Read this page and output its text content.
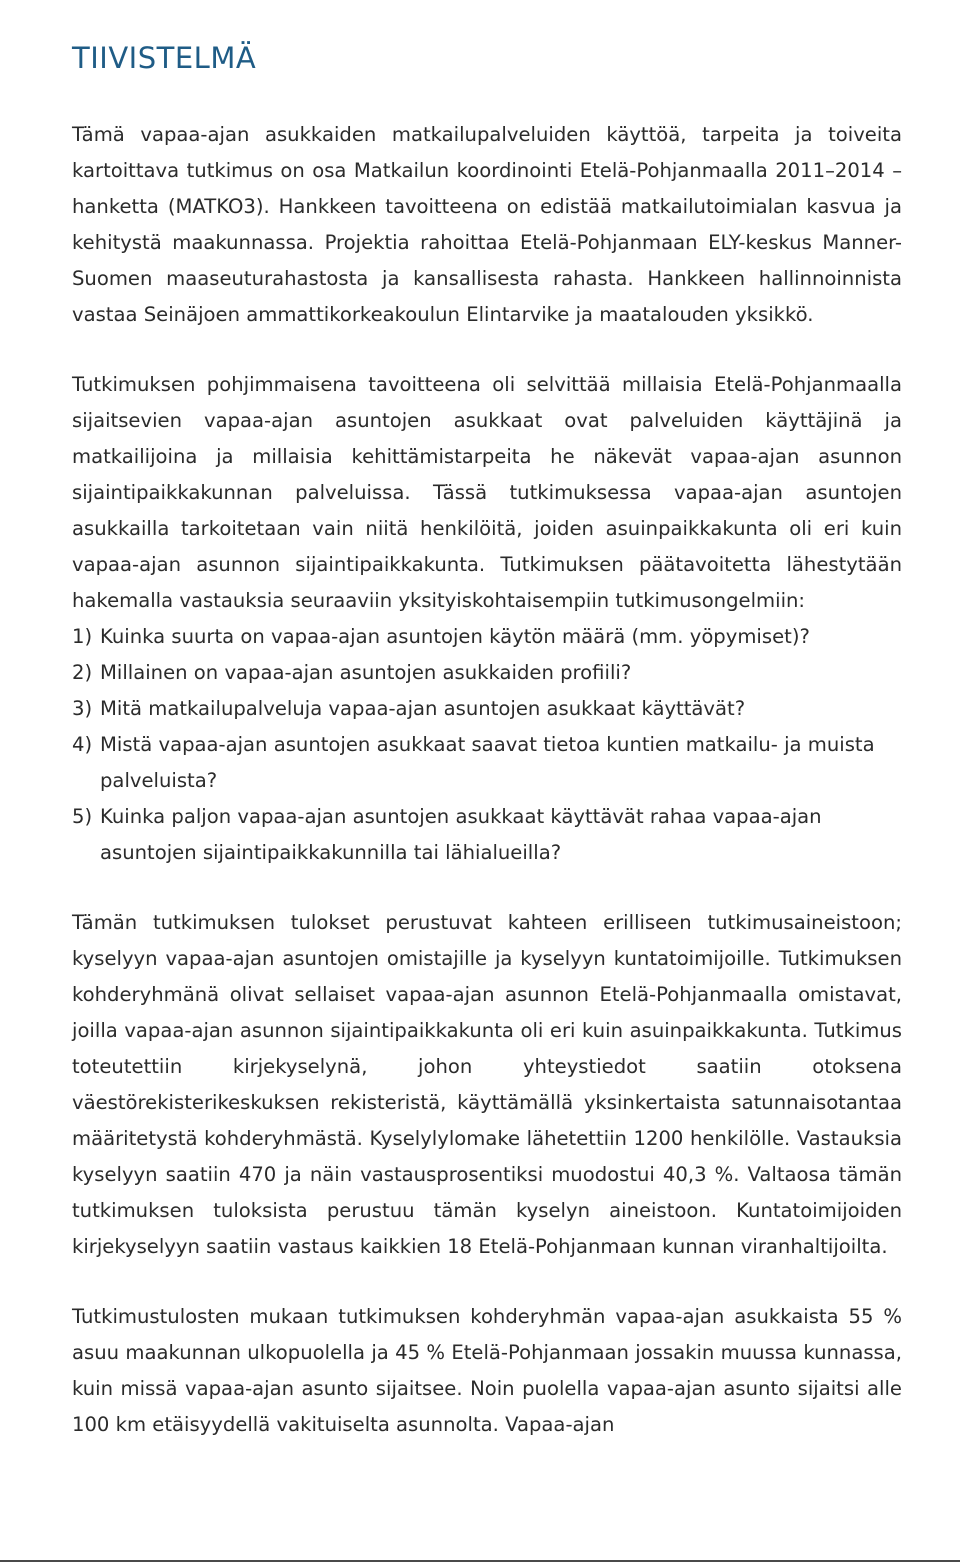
TIIVISTELMÄ

Tämä vapaa-ajan asukkaiden matkailupalveluiden käyttöä, tarpeita ja toiveita kartoittava tutkimus on osa Matkailun koordinointi Etelä-Pohjanmaalla 2011–2014 –hanketta (MATKO3). Hankkeen tavoitteena on edistää matkailutoimialan kasvua ja kehitystä maakunnassa. Projektia rahoittaa Etelä-Pohjanmaan ELY-keskus Manner-Suomen maaseuturahastosta ja kansallisesta rahasta. Hankkeen hallinnoinnista vastaa Seinäjoen ammattikorkeakoulun Elintarvike ja maatalouden yksikkö.

Tutkimuksen pohjimmaisena tavoitteena oli selvittää millaisia Etelä-Pohjanmaalla sijaitsevien vapaa-ajan asuntojen asukkaat ovat palveluiden käyttäjinä ja matkailijoina ja millaisia kehittämistarpeita he näkevät vapaa-ajan asunnon sijaintipaikkakunnan palveluissa. Tässä tutkimuksessa vapaa-ajan asuntojen asukkailla tarkoitetaan vain niitä henkilöitä, joiden asuinpaikkakunta oli eri kuin vapaa-ajan asunnon sijaintipaikkakunta. Tutkimuksen päätavoitetta lähestytään hakemalla vastauksia seuraaviin yksityiskohtaisempiin tutkimusongelmiin:

1) Kuinka suurta on vapaa-ajan asuntojen käytön määrä (mm. yöpymiset)?
2) Millainen on vapaa-ajan asuntojen asukkaiden profiili?
3) Mitä matkailupalveluja vapaa-ajan asuntojen asukkaat käyttävät?
4) Mistä vapaa-ajan asuntojen asukkaat saavat tietoa kuntien matkailu- ja muista palveluista?
5) Kuinka paljon vapaa-ajan asuntojen asukkaat käyttävät rahaa vapaa-ajan asuntojen sijaintipaikkakunnilla tai lähialueilla?

Tämän tutkimuksen tulokset perustuvat kahteen erilliseen tutkimusaineistoon; kyselyyn vapaa-ajan asuntojen omistajille ja kyselyyn kuntatoimijoille. Tutkimuksen kohderyhmänä olivat sellaiset vapaa-ajan asunnon Etelä-Pohjanmaalla omistavat, joilla vapaa-ajan asunnon sijaintipaikkakunta oli eri kuin asuinpaikkakunta. Tutkimus toteutettiin kirjekyselynä, johon yhteystiedot saatiin otoksena väestörekisterikeskuksen rekisteristä, käyttämällä yksinkertaista satunnaisotantaa määritetystä kohderyhmästä. Kyselylylomake lähetettiin 1200 henkilölle. Vastauksia kyselyyn saatiin 470 ja näin vastausprosentiksi muodostui 40,3 %. Valtaosa tämän tutkimuksen tuloksista perustuu tämän kyselyn aineistoon. Kuntatoimijoiden kirjekyselyyn saatiin vastaus kaikkien 18 Etelä-Pohjanmaan kunnan viranhaltijoilta.

Tutkimustulosten mukaan tutkimuksen kohderyhmän vapaa-ajan asukkaista 55 % asuu maakunnan ulkopuolella ja 45 % Etelä-Pohjanmaan jossakin muussa kunnassa, kuin missä vapaa-ajan asunto sijaitsee. Noin puolella vapaa-ajan asunto sijaitsi alle 100 km etäisyydellä vakituiselta asunnolta. Vapaa-ajan
